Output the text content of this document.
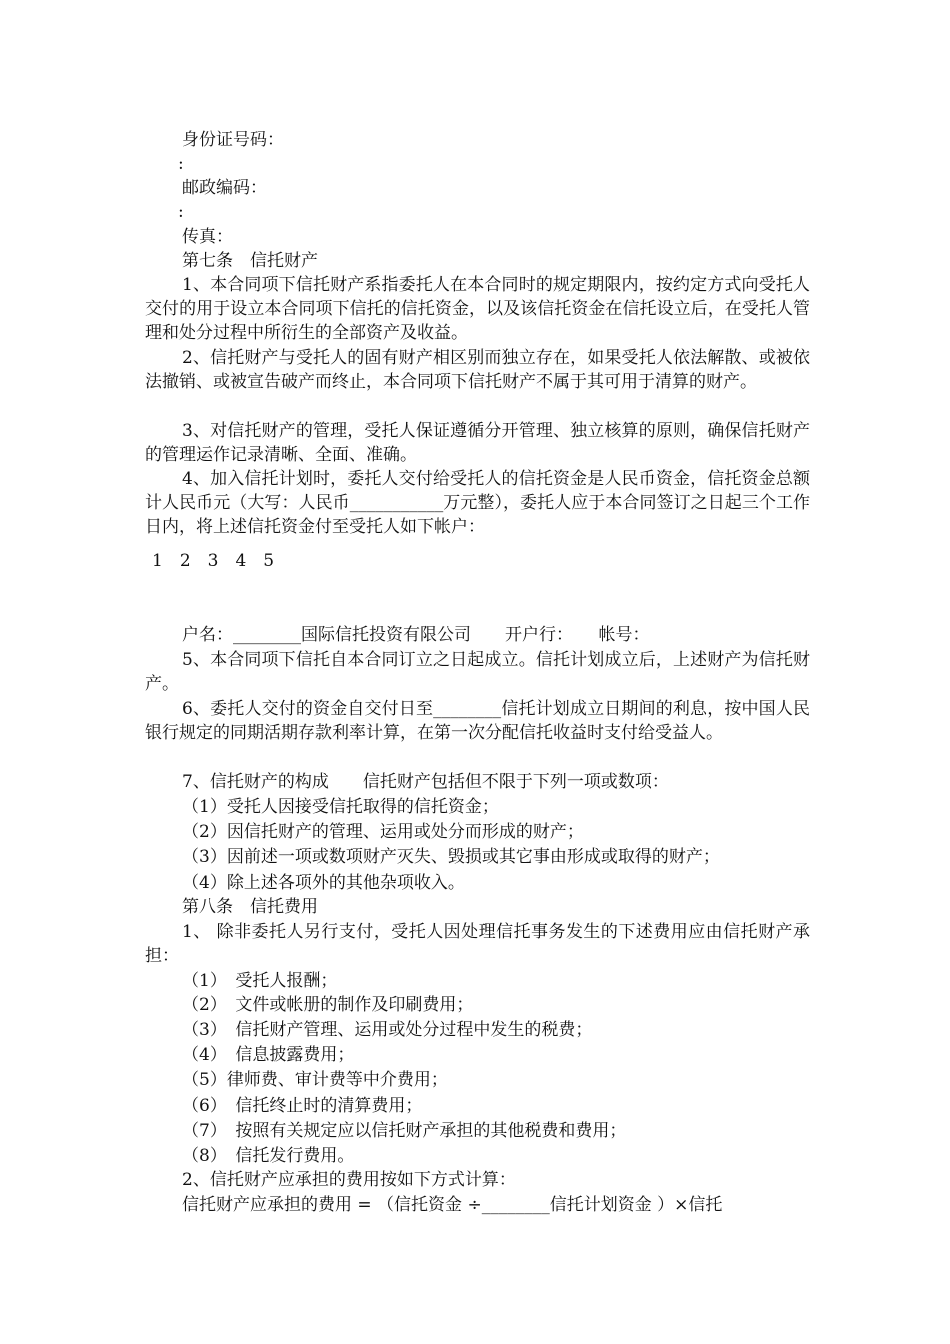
身份证号码：
:
邮政编码：
:
传真：
第七条　信托财产
1、本合同项下信托财产系指委托人在本合同时的规定期限内，按约定方式向受托人交付的用于设立本合同项下信托的信托资金，以及该信托资金在信托设立后，在受托人管理和处分过程中所衍生的全部资产及收益。
2、信托财产与受托人的固有财产相区别而独立存在，如果受托人依法解散、或被依法撤销、或被宣告破产而终止，本合同项下信托财产不属于其可用于清算的财产。
3、对信托财产的管理，受托人保证遵循分开管理、独立核算的原则，确保信托财产的管理运作记录清晰、全面、准确。
4、加入信托计划时，委托人交付给受托人的信托资金是人民币资金，信托资金总额计人民币元（大写：人民币___________万元整），委托人应于本合同签订之日起三个工作日内，将上述信托资金付至受托人如下帐户：
1　2　3　4　5
户名：________国际信托投资有限公司　　开户行：　　帐号：
5、本合同项下信托自本合同订立之日起成立。信托计划成立后，上述财产为信托财产。
6、委托人交付的资金自交付日至________信托计划成立日期间的利息，按中国人民银行规定的同期活期存款利率计算，在第一次分配信托收益时支付给受益人。
7、信托财产的构成　　信托财产包括但不限于下列一项或数项：
（1）受托人因接受信托取得的信托资金；
（2）因信托财产的管理、运用或处分而形成的财产；
（3）因前述一项或数项财产灭失、毁损或其它事由形成或取得的财产；
（4）除上述各项外的其他杂项收入。
第八条　信托费用
1、 除非委托人另行支付，受托人因处理信托事务发生的下述费用应由信托财产承担：
（1）　受托人报酬；
（2）　文件或帐册的制作及印刷费用；
（3）　信托财产管理、运用或处分过程中发生的税费；
（4）　信息披露费用；
（5）律师费、审计费等中介费用；
（6）　信托终止时的清算费用；
（7）　按照有关规定应以信托财产承担的其他税费和费用；
（8）　信托发行费用。
2、信托财产应承担的费用按如下方式计算：
信托财产应承担的费用 = （信托资金 ÷________信托计划资金 ）×信托
